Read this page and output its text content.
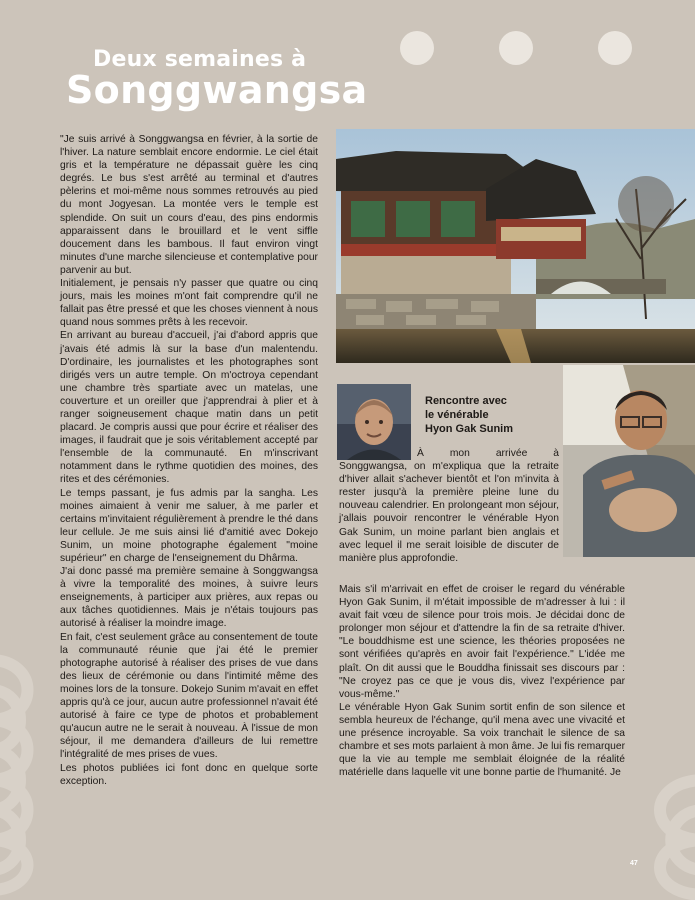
Deux semaines à
Songgwangsa

"Je suis arrivé à Songgwangsa en février, à la sortie de l'hiver. La nature semblait encore endormie. Le ciel était gris et la température ne dépassait guère les cinq degrés. Le bus s'est arrêté au terminal et d'autres pèlerins et moi-même nous sommes retrouvés au pied du mont Jogyesan. La montée vers le temple est splendide. On suit un cours d'eau, des pins endormis apparaissent dans le brouillard et le vent siffle doucement dans les bambous. Il faut environ vingt minutes d'une marche silencieuse et contemplative pour parvenir au but.

Initialement, je pensais n'y passer que quatre ou cinq jours, mais les moines m'ont fait comprendre qu'il ne fallait pas être pressé et que les choses viennent à nous quand nous sommes prêts à les recevoir.

En arrivant au bureau d'accueil, j'ai d'abord appris que j'avais été admis là sur la base d'un malentendu. D'ordinaire, les journalistes et les photographes sont dirigés vers un autre temple. On m'octroya cependant une chambre très spartiate avec un matelas, une couverture et un oreiller que j'apprendrai à plier et à ranger soigneusement chaque matin dans un petit placard. Je compris aussi que pour écrire et réaliser des images, il faudrait que je sois véritablement accepté par l'ensemble de la communauté. En m'inscrivant notamment dans le rythme quotidien des moines, des rites et des cérémonies.

Le temps passant, je fus admis par la sangha. Les moines aimaient à venir me saluer, à me parler et certains m'invitaient régulièrement à prendre le thé dans leur cellule. Je me suis ainsi lié d'amitié avec Dokejo Sunim, un moine photographe également "moine supérieur" en charge de l'enseignement du Dhârma.

J'ai donc passé ma première semaine à Songgwangsa à vivre la temporalité des moines, à suivre leurs enseignements, à participer aux prières, aux repas ou aux tâches quotidiennes. Mais je n'étais toujours pas autorisé à réaliser la moindre image.

En fait, c'est seulement grâce au consentement de toute la communauté réunie que j'ai été le premier photographe autorisé à réaliser des prises de vue dans des lieux de cérémonie ou dans l'intimité même des moines lors de la tonsure. Dokejo Sunim m'avait en effet appris qu'à ce jour, aucun autre professionnel n'avait été autorisé à faire ce type de photos et probablement qu'aucun autre ne le serait à nouveau. À l'issue de mon séjour, il me demandera d'ailleurs de lui remettre l'intégralité de mes prises de vues.

Les photos publiées ici font donc en quelque sorte exception.

Rencontre avec
le vénérable
Hyon Gak Sunim

À mon arrivée à Songgwangsa, on m'expliqua que la retraite d'hiver allait s'achever bientôt et l'on m'invita à rester jusqu'à la première pleine lune du nouveau calendrier. En prolongeant mon séjour, j'allais pouvoir rencontrer le vénérable Hyon Gak Sunim, un moine parlant bien anglais et avec lequel il me serait loisible de discuter de manière plus approfondie.

Mais s'il m'arrivait en effet de croiser le regard du vénérable Hyon Gak Sunim, il m'était impossible de m'adresser à lui : il avait fait vœu de silence pour trois mois. Je décidai donc de prolonger mon séjour et d'attendre la fin de sa retraite d'hiver. "Le bouddhisme est une science, les théories proposées ne sont vérifiées qu'après en avoir fait l'expérience." L'idée me plaît. On dit aussi que le Bouddha finissait ses discours par : "Ne croyez pas ce que je vous dis, vivez l'expérience par vous-même."

Le vénérable Hyon Gak Sunim sortit enfin de son silence et sembla heureux de l'échange, qu'il mena avec une vivacité et une présence incroyable. Sa voix tranchait le silence de sa chambre et ses mots parlaient à mon âme. Je lui fis remarquer que la vie au temple me semblait éloignée de la réalité matérielle dans laquelle vit une bonne partie de l'humanité. Je

47
